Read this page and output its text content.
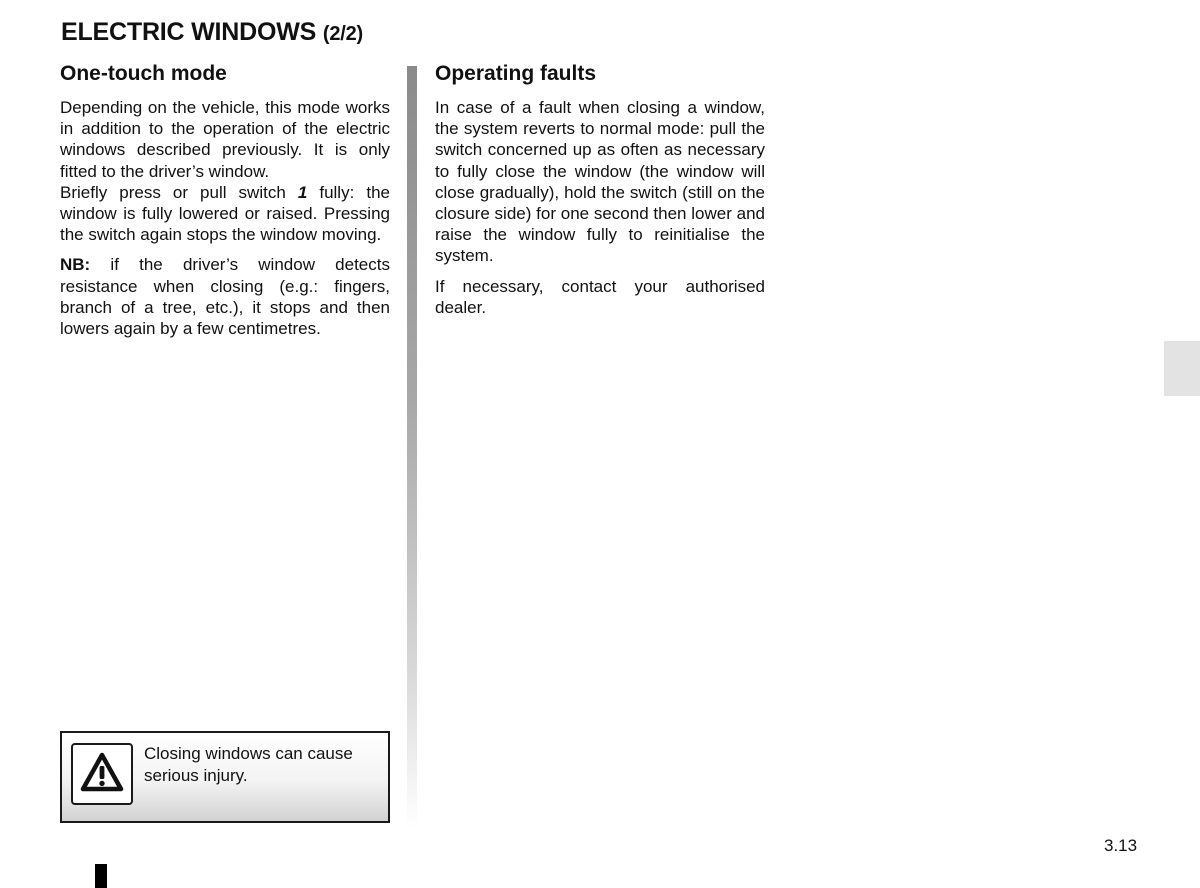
ELECTRIC WINDOWS (2/2)
One-touch mode

Depending on the vehicle, this mode works in addition to the operation of the electric windows described previously. It is only fitted to the driver’s window.

Briefly press or pull switch 1 fully: the window is fully lowered or raised. Pressing the switch again stops the window moving.

NB: if the driver’s window detects resistance when closing (e.g.: fingers, branch of a tree, etc.), it stops and then lowers again by a few centimetres.

Operating faults

In case of a fault when closing a window, the system reverts to normal mode: pull the switch concerned up as often as necessary to fully close the window (the window will close gradually), hold the switch (still on the closure side) for one second then lower and raise the window fully to reinitialise the system.

If necessary, contact your authorised dealer.

Closing windows can cause serious injury.
3.13
